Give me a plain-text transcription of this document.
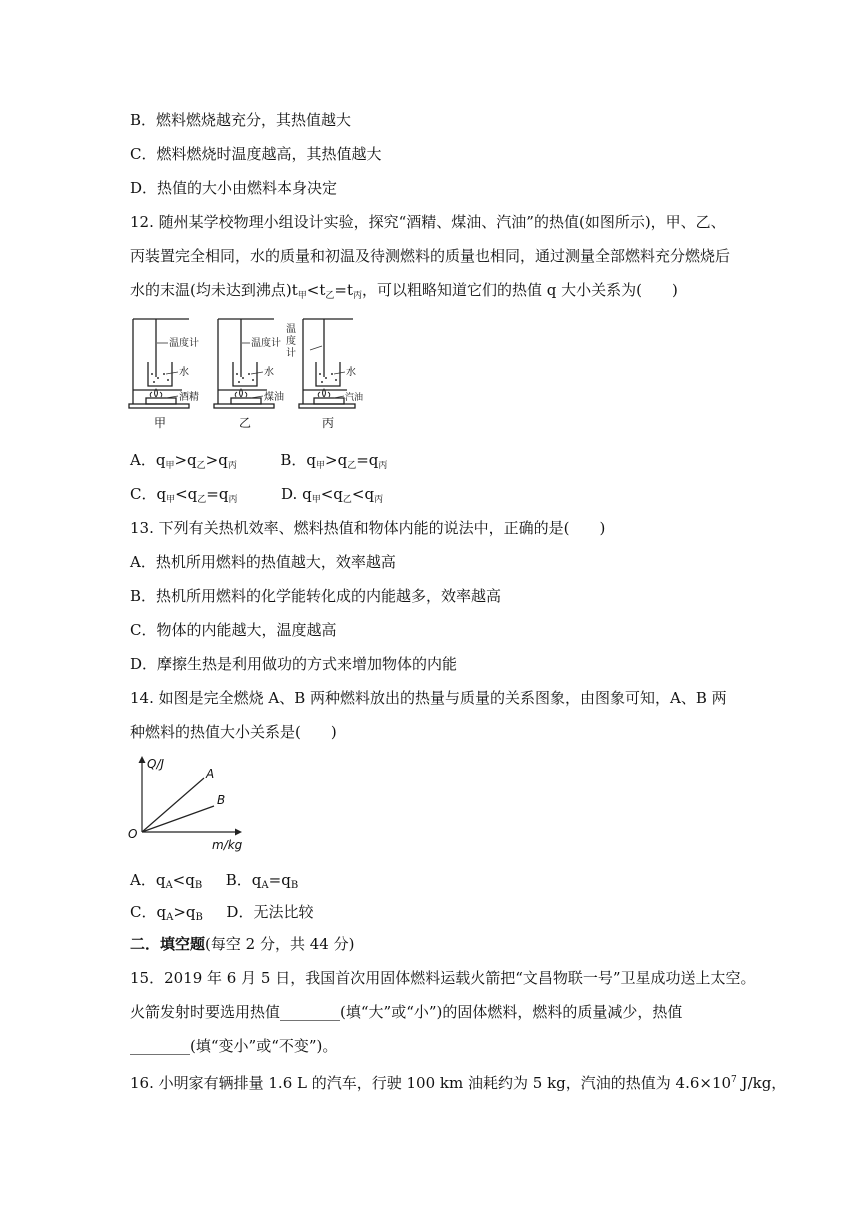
B．燃料燃烧越充分，其热值越大
C．燃料燃烧时温度越高，其热值越大
D．热值的大小由燃料本身决定
12. 随州某学校物理小组设计实验，探究“酒精、煤油、汽油”的热值(如图所示)，甲、乙、
丙装置完全相同，水的质量和初温及待测燃料的质量也相同，通过测量全部燃料充分燃烧后
水的末温(均未达到沸点)$t_甲<t_乙=t_丙$，可以粗略知道它们的热值 q 大小关系为(　　)
温度计	温度计
温
度
计
水	水	水
酒精	煤油	汽油
甲	乙	丙
A．$q_甲>q_乙>q_丙$	B．$q_甲>q_乙=q_丙$
C．$q_甲<q_乙=q_丙$	D. $q_甲<q_乙<q_丙$
13. 下列有关热机效率、燃料热值和物体内能的说法中，正确的是(　　)
A．热机所用燃料的热值越大，效率越高
B．热机所用燃料的化学能转化成的内能越多，效率越高
C．物体的内能越大，温度越高
D．摩擦生热是利用做功的方式来增加物体的内能
14. 如图是完全燃烧 A、B 两种燃料放出的热量与质量的关系图象，由图象可知，A、B 两
种燃料的热值大小关系是(　　)
Q/J
m/kg
O
A
B
A．$q_A<q_B$ B．$q_A=q_B$
C．$q_A>q_B$ D．无法比较
二．填空题(每空 2 分，共 44 分)
15．2019 年 6 月 5 日，我国首次用固体燃料运载火箭把“文昌物联一号”卫星成功送上太空。
火箭发射时要选用热值________(填“大”或“小”)的固体燃料，燃料的质量减少，热值
________(填“变小”或“不变”)。
16. 小明家有辆排量 1.6 L 的汽车，行驶 100 km 油耗约为 5 kg，汽油的热值为 $4.6\times 10^7$ J/kg，
